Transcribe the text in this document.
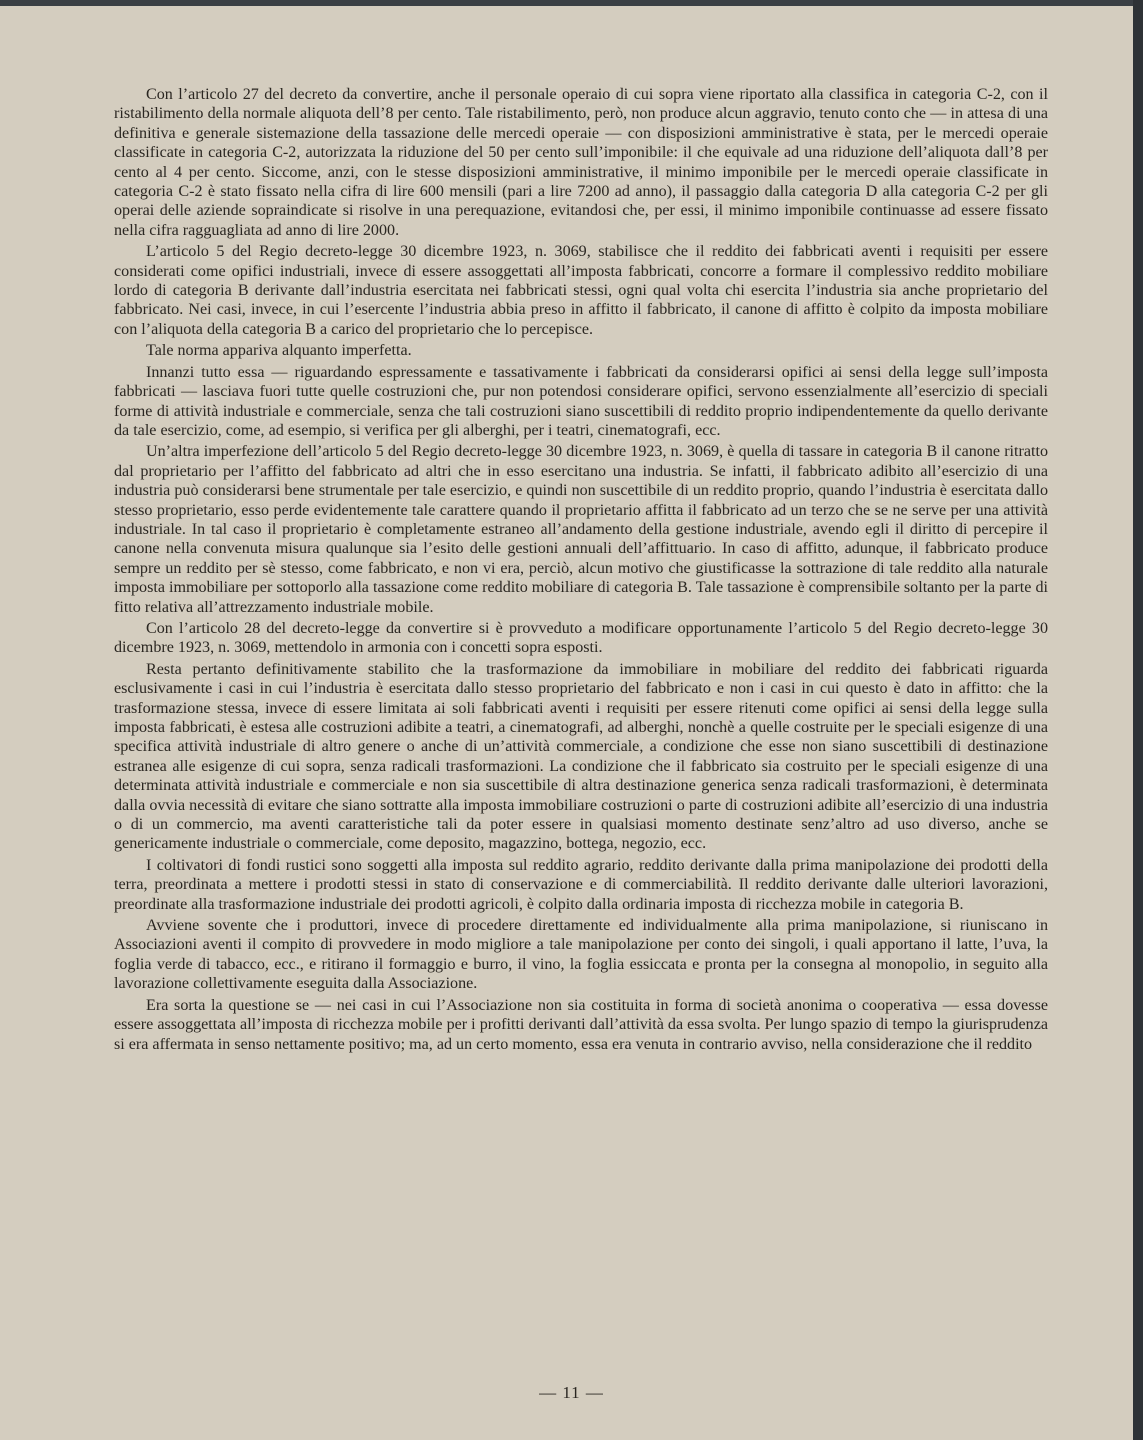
Con l’articolo 27 del decreto da convertire, anche il personale operaio di cui sopra viene riportato alla classifica in categoria C-2, con il ristabilimento della normale aliquota dell’8 per cento. Tale ristabilimento, però, non produce alcun aggravio, tenuto conto che — in attesa di una definitiva e generale sistemazione della tassazione delle mercedi operaie — con disposizioni amministrative è stata, per le mercedi operaie classificate in categoria C-2, autorizzata la riduzione del 50 per cento sull’imponibile: il che equivale ad una riduzione dell’aliquota dall’8 per cento al 4 per cento. Siccome, anzi, con le stesse disposizioni amministrative, il minimo imponibile per le mercedi operaie classificate in categoria C-2 è stato fissato nella cifra di lire 600 mensili (pari a lire 7200 ad anno), il passaggio dalla categoria D alla categoria C-2 per gli operai delle aziende sopraindicate si risolve in una perequazione, evitandosi che, per essi, il minimo imponibile continuasse ad essere fissato nella cifra ragguagliata ad anno di lire 2000.

L’articolo 5 del Regio decreto-legge 30 dicembre 1923, n. 3069, stabilisce che il reddito dei fabbricati aventi i requisiti per essere considerati come opifici industriali, invece di essere assoggettati all’imposta fabbricati, concorre a formare il complessivo reddito mobiliare lordo di categoria B derivante dall’industria esercitata nei fabbricati stessi, ogni qual volta chi esercita l’industria sia anche proprietario del fabbricato. Nei casi, invece, in cui l’esercente l’industria abbia preso in affitto il fabbricato, il canone di affitto è colpito da imposta mobiliare con l’aliquota della categoria B a carico del proprietario che lo percepisce.

Tale norma appariva alquanto imperfetta.

Innanzi tutto essa — riguardando espressamente e tassativamente i fabbricati da considerarsi opifici ai sensi della legge sull’imposta fabbricati — lasciava fuori tutte quelle costruzioni che, pur non potendosi considerare opifici, servono essenzialmente all’esercizio di speciali forme di attività industriale e commerciale, senza che tali costruzioni siano suscettibili di reddito proprio indipendentemente da quello derivante da tale esercizio, come, ad esempio, si verifica per gli alberghi, per i teatri, cinematografi, ecc.

Un’altra imperfezione dell’articolo 5 del Regio decreto-legge 30 dicembre 1923, n. 3069, è quella di tassare in categoria B il canone ritratto dal proprietario per l’affitto del fabbricato ad altri che in esso esercitano una industria. Se infatti, il fabbricato adibito all’esercizio di una industria può considerarsi bene strumentale per tale esercizio, e quindi non suscettibile di un reddito proprio, quando l’industria è esercitata dallo stesso proprietario, esso perde evidentemente tale carattere quando il proprietario affitta il fabbricato ad un terzo che se ne serve per una attività industriale. In tal caso il proprietario è completamente estraneo all’andamento della gestione industriale, avendo egli il diritto di percepire il canone nella convenuta misura qualunque sia l’esito delle gestioni annuali dell’affittuario. In caso di affitto, adunque, il fabbricato produce sempre un reddito per sè stesso, come fabbricato, e non vi era, perciò, alcun motivo che giustificasse la sottrazione di tale reddito alla naturale imposta immobiliare per sottoporlo alla tassazione come reddito mobiliare di categoria B. Tale tassazione è comprensibile soltanto per la parte di fitto relativa all’attrezzamento industriale mobile.

Con l’articolo 28 del decreto-legge da convertire si è provveduto a modificare opportunamente l’articolo 5 del Regio decreto-legge 30 dicembre 1923, n. 3069, mettendolo in armonia con i concetti sopra esposti.

Resta pertanto definitivamente stabilito che la trasformazione da immobiliare in mobiliare del reddito dei fabbricati riguarda esclusivamente i casi in cui l’industria è esercitata dallo stesso proprietario del fabbricato e non i casi in cui questo è dato in affitto: che la trasformazione stessa, invece di essere limitata ai soli fabbricati aventi i requisiti per essere ritenuti come opifici ai sensi della legge sulla imposta fabbricati, è estesa alle costruzioni adibite a teatri, a cinematografi, ad alberghi, nonchè a quelle costruite per le speciali esigenze di una specifica attività industriale di altro genere o anche di un’attività commerciale, a condizione che esse non siano suscettibili di destinazione estranea alle esigenze di cui sopra, senza radicali trasformazioni. La condizione che il fabbricato sia costruito per le speciali esigenze di una determinata attività industriale e commerciale e non sia suscettibile di altra destinazione generica senza radicali trasformazioni, è determinata dalla ovvia necessità di evitare che siano sottratte alla imposta immobiliare costruzioni o parte di costruzioni adibite all’esercizio di una industria o di un commercio, ma aventi caratteristiche tali da poter essere in qualsiasi momento destinate senz’altro ad uso diverso, anche se genericamente industriale o commerciale, come deposito, magazzino, bottega, negozio, ecc.

I coltivatori di fondi rustici sono soggetti alla imposta sul reddito agrario, reddito derivante dalla prima manipolazione dei prodotti della terra, preordinata a mettere i prodotti stessi in stato di conservazione e di commerciabilità. Il reddito derivante dalle ulteriori lavorazioni, preordinate alla trasformazione industriale dei prodotti agricoli, è colpito dalla ordinaria imposta di ricchezza mobile in categoria B.

Avviene sovente che i produttori, invece di procedere direttamente ed individualmente alla prima manipolazione, si riuniscano in Associazioni aventi il compito di provvedere in modo migliore a tale manipolazione per conto dei singoli, i quali apportano il latte, l’uva, la foglia verde di tabacco, ecc., e ritirano il formaggio e burro, il vino, la foglia essiccata e pronta per la consegna al monopolio, in seguito alla lavorazione collettivamente eseguita dalla Associazione.

Era sorta la questione se — nei casi in cui l’Associazione non sia costituita in forma di società anonima o cooperativa — essa dovesse essere assoggettata all’imposta di ricchezza mobile per i profitti derivanti dall’attività da essa svolta. Per lungo spazio di tempo la giurisprudenza si era affermata in senso nettamente positivo; ma, ad un certo momento, essa era venuta in contrario avviso, nella considerazione che il reddito

— 11 —
